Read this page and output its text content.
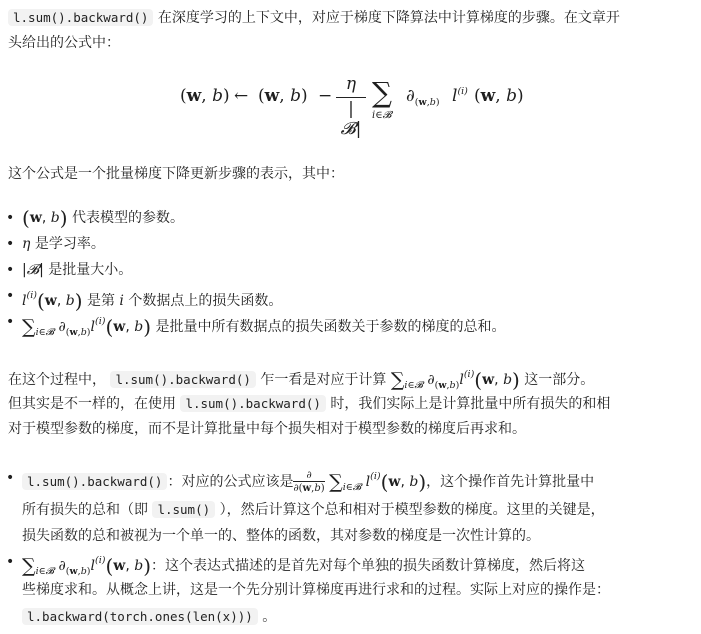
l.sum().backward() 在深度学习的上下文中，对应于梯度下降算法中计算梯度的步骤。在文章开
头给出的公式中：
(w, b) ← (w, b) −
η
|𝓑|
∑
i∈𝓑
$\partial_{(w,b)}$ $l^{(i)}$ (w, b)
这个公式是一个批量梯度下降更新步骤的表示，其中：
• (w, b) 代表模型的参数。
• η 是学习率。
• |𝓑| 是批量大小。
• $l^{(i)}(w$, b) 是第 i 个数据点上的损失函数。
• $\sum_{i\in 𝓑}$ $\partial_{(w,b)}l^{(i)}(w$, b) 是批量中所有数据点的损失函数关于参数的梯度的总和。
在这个过程中， l.sum().backward() 乍一看是对应于计算 $\sum_{i\in 𝓑}$ $\partial_{(w,b)}l^{(i)}(w$, b) 这一部分。
但其实是不一样的，在使用 l.sum().backward() 时，我们实际上是计算批量中所有损失的和相
对于模型参数的梯度，而不是计算批量中每个损失相对于模型参数的梯度后再求和。
•	l.sum().backward() ：对应的公式应该是 $\frac{\partial}{\partial(w,b)} \sum_{i\in 𝓑}$ $l^{(i)}(w$, b)，这个操作首先计算批量中
所有损失的总和（即 l.sum() ），然后计算这个总和相对于模型参数的梯度。这里的关键是，
损失函数的总和被视为一个单一的、整体的函数，其对参数的梯度是一次性计算的。
• $\sum_{i\in 𝓑}$ $\partial_{(w,b)}l^{(i)}(w$, b)：这个表达式描述的是首先对每个单独的损失函数计算梯度，然后将这
些梯度求和。从概念上讲，这是一个先分别计算梯度再进行求和的过程。实际上对应的操作是：
l.backward(torch.ones(len(x))) 。
